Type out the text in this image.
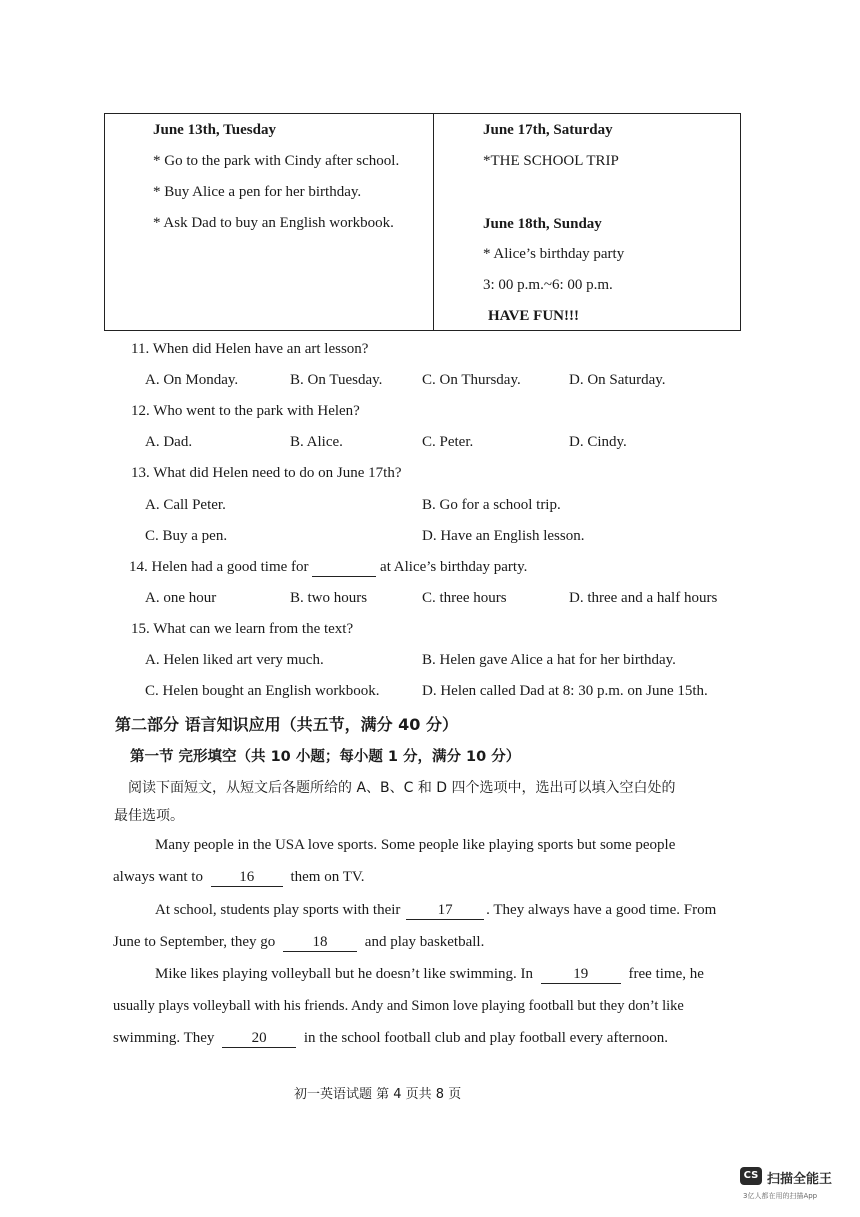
June 13th, Tuesday
* Go to the park with Cindy after school.
* Buy Alice a pen for her birthday.
* Ask Dad to buy an English workbook.
June 17th, Saturday
*THE SCHOOL TRIP
June 18th, Sunday
* Alice’s birthday party
3: 00 p.m.~6: 00 p.m.
HAVE FUN!!!
11. When did Helen have an art lesson?
A. On Monday.	B. On Tuesday.	C. On Thursday.	D. On Saturday.
12. Who went to the park with Helen?
A. Dad.	B. Alice.	C. Peter.	D. Cindy.
13. What did Helen need to do on June 17th?
A. Call Peter.	B. Go for a school trip.
C. Buy a pen.	D. Have an English lesson.
14. Helen had a good time for	at Alice’s birthday party.
A. one hour	B. two hours	C. three hours	D. three and a half hours
15. What can we learn from the text?
A. Helen liked art very much.	B. Helen gave Alice a hat for her birthday.
C. Helen bought an English workbook.	D. Helen called Dad at 8: 30 p.m. on June 15th.
第二部分 语言知识应用（共五节，满分 40 分）
第一节 完形填空（共 10 小题；每小题 1 分，满分 10 分）
阅读下面短文，从短文后各题所给的 A、B、C 和 D 四个选项中，选出可以填入空白处的
最佳选项。
Many people in the USA love sports. Some people like playing sports but some people
always want to 16 them on TV.
At school, students play sports with their 17 . They always have a good time. From
June to September, they go 18 and play basketball.
Mike likes playing volleyball but he doesn’t like swimming. In	19	free time, he
usually plays volleyball with his friends. Andy and Simon love playing football but they don’t like
swimming. They 20 in the school football club and play football every afternoon.
初一英语试题 第 4 页共 8 页
CS 扫描全能王
3亿人都在用的扫描App
